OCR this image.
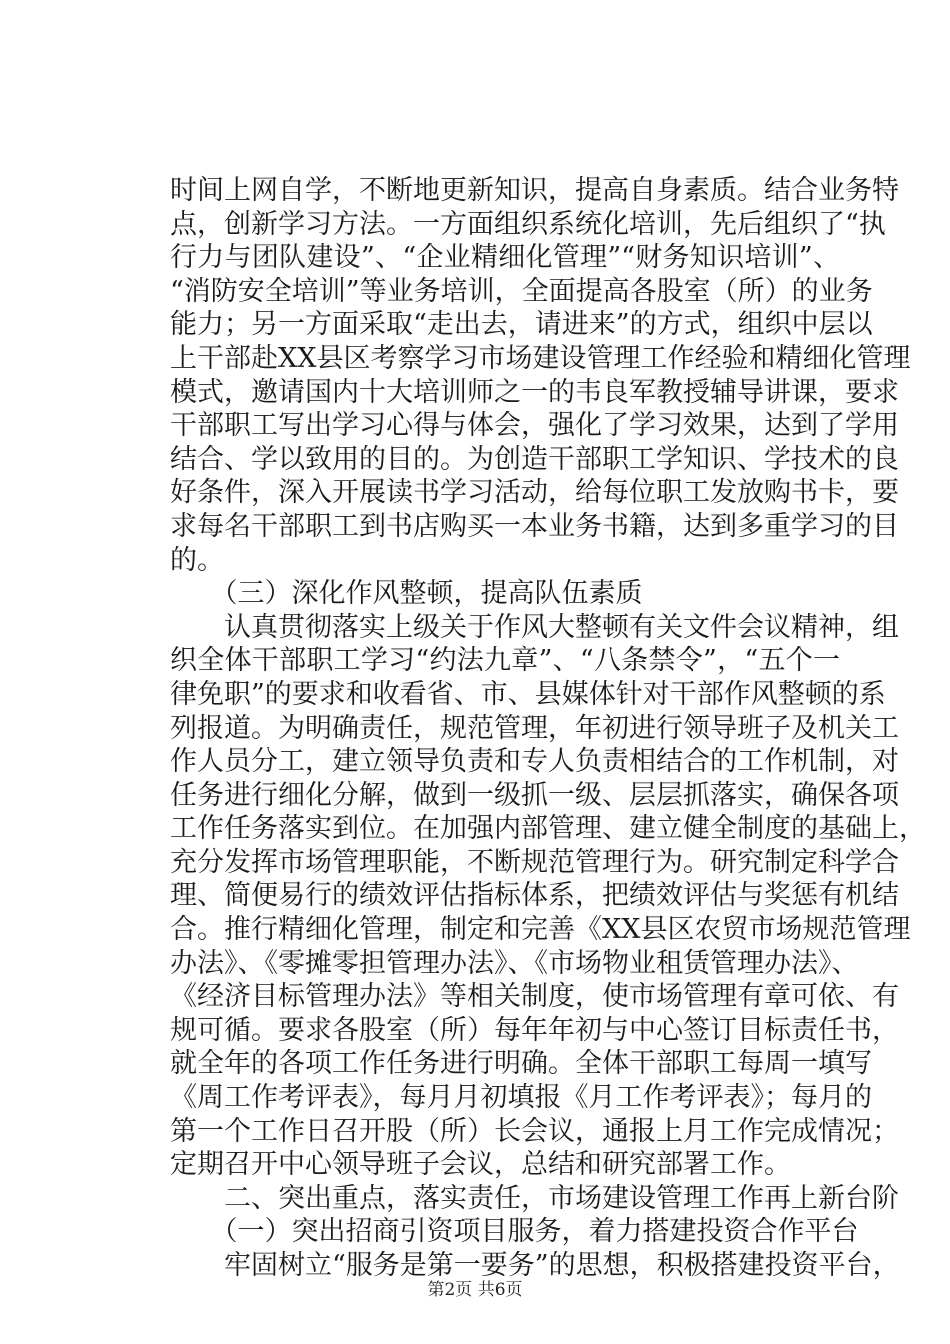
时间上网自学，不断地更新知识，提高自身素质。结合业务特
点，创新学习方法。一方面组织系统化培训，先后组织了“执
行力与团队建设”、“企业精细化管理”“财务知识培训”、
“消防安全培训”等业务培训，全面提高各股室（所）的业务
能力；另一方面采取“走出去，请进来”的方式，组织中层以
上干部赴XX县区考察学习市场建设管理工作经验和精细化管理
模式，邀请国内十大培训师之一的韦良军教授辅导讲课，要求
干部职工写出学习心得与体会，强化了学习效果，达到了学用
结合、学以致用的目的。为创造干部职工学知识、学技术的良
好条件，深入开展读书学习活动，给每位职工发放购书卡，要
求每名干部职工到书店购买一本业务书籍，达到多重学习的目
的。
　　（三）深化作风整顿，提高队伍素质
　　认真贯彻落实上级关于作风大整顿有关文件会议精神，组
织全体干部职工学习“约法九章”、“八条禁令”，“五个一
律免职”的要求和收看省、市、县媒体针对干部作风整顿的系
列报道。为明确责任，规范管理，年初进行领导班子及机关工
作人员分工，建立领导负责和专人负责相结合的工作机制，对
任务进行细化分解，做到一级抓一级、层层抓落实，确保各项
工作任务落实到位。在加强内部管理、建立健全制度的基础上，
充分发挥市场管理职能，不断规范管理行为。研究制定科学合
理、简便易行的绩效评估指标体系，把绩效评估与奖惩有机结
合。推行精细化管理，制定和完善《XX县区农贸市场规范管理
办法》、《零摊零担管理办法》、《市场物业租赁管理办法》、
《经济目标管理办法》等相关制度，使市场管理有章可依、有
规可循。要求各股室（所）每年年初与中心签订目标责任书，
就全年的各项工作任务进行明确。全体干部职工每周一填写
《周工作考评表》，每月月初填报《月工作考评表》；每月的
第一个工作日召开股（所）长会议，通报上月工作完成情况；
定期召开中心领导班子会议，总结和研究部署工作。
　　二、突出重点，落实责任，市场建设管理工作再上新台阶
　　（一）突出招商引资项目服务，着力搭建投资合作平台
　　牢固树立“服务是第一要务”的思想，积极搭建投资平台，
第2页 共6页
